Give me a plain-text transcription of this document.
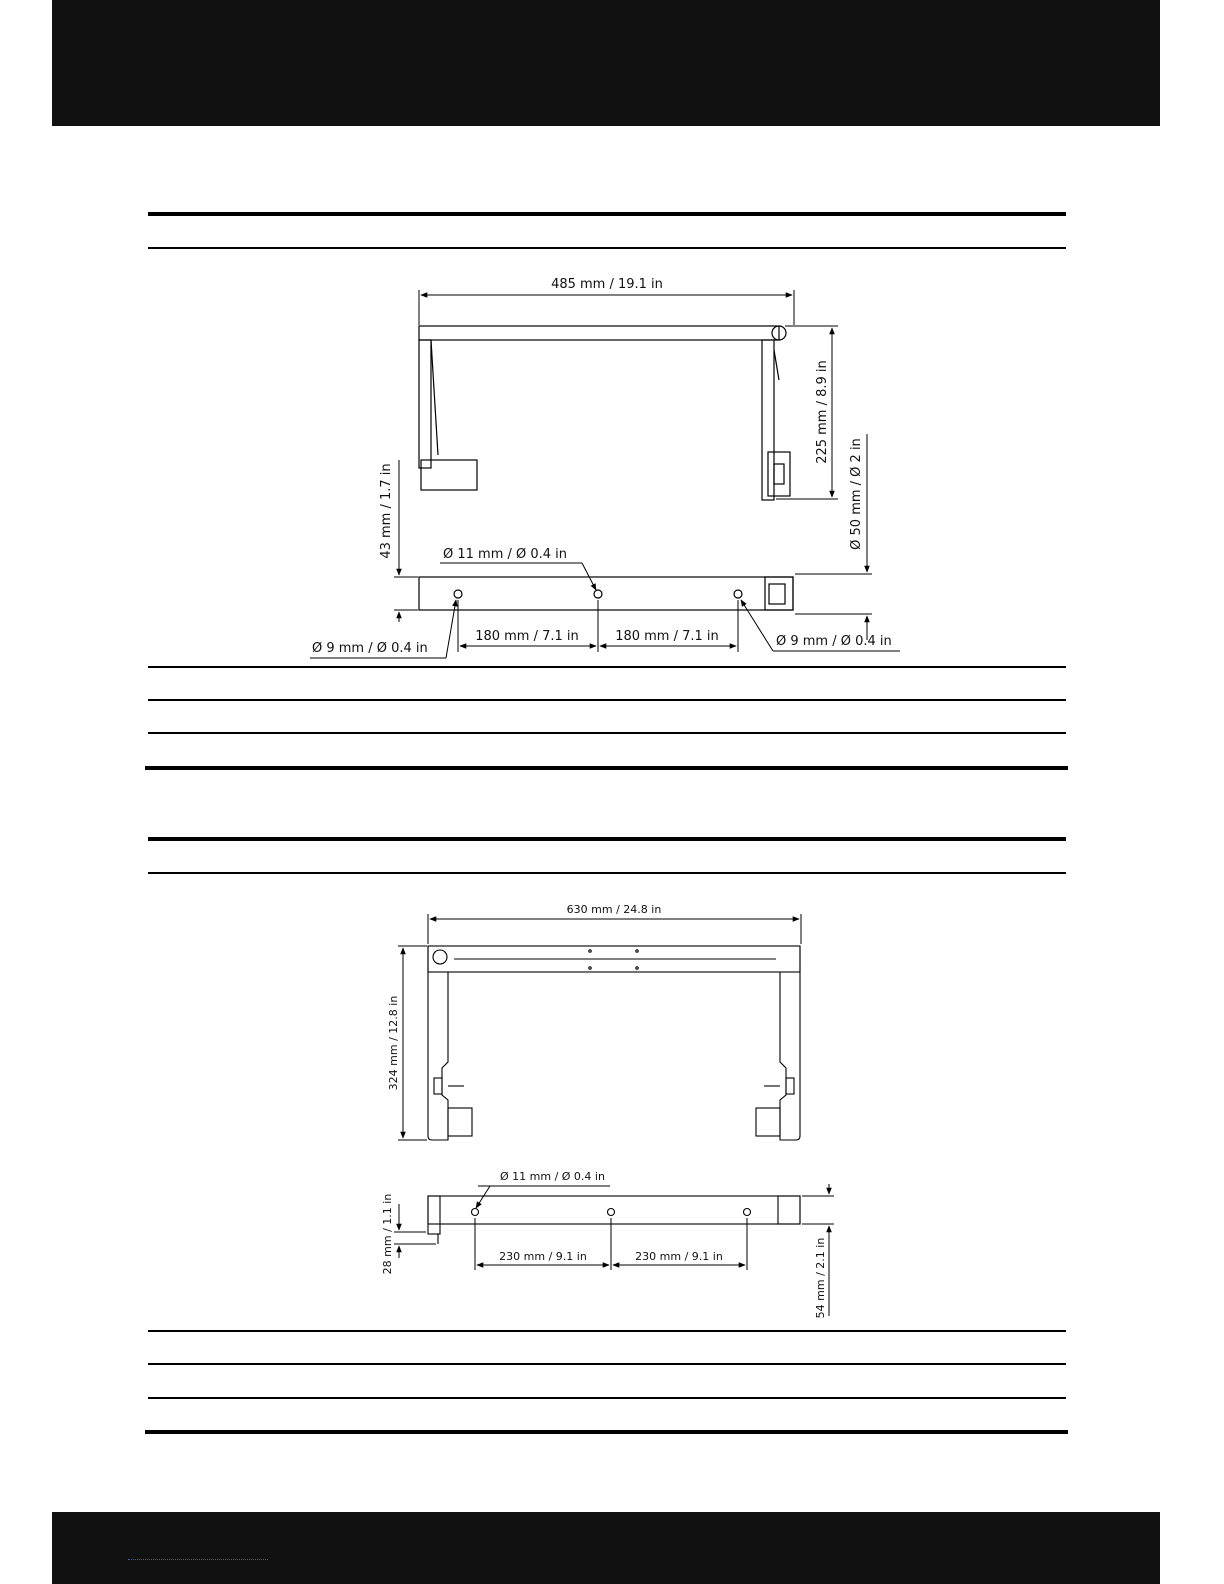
485 mm / 19.1 in
225 mm / 8.9 in
Ø 50 mm / Ø 2 in
43 mm / 1.7 in	Ø 11 mm / Ø 0.4 in
180 mm / 7.1 in	180 mm / 7.1 in
Ø 9 mm / Ø 0.4 in	Ø 9 mm / Ø 0.4 in
630 mm / 24.8 in
324 mm / 12.8 in
Ø 11 mm / Ø 0.4 in
28 mm / 1.1 in	230 mm / 9.1 in	230 mm / 9.1 in	54 mm / 2.1 in
